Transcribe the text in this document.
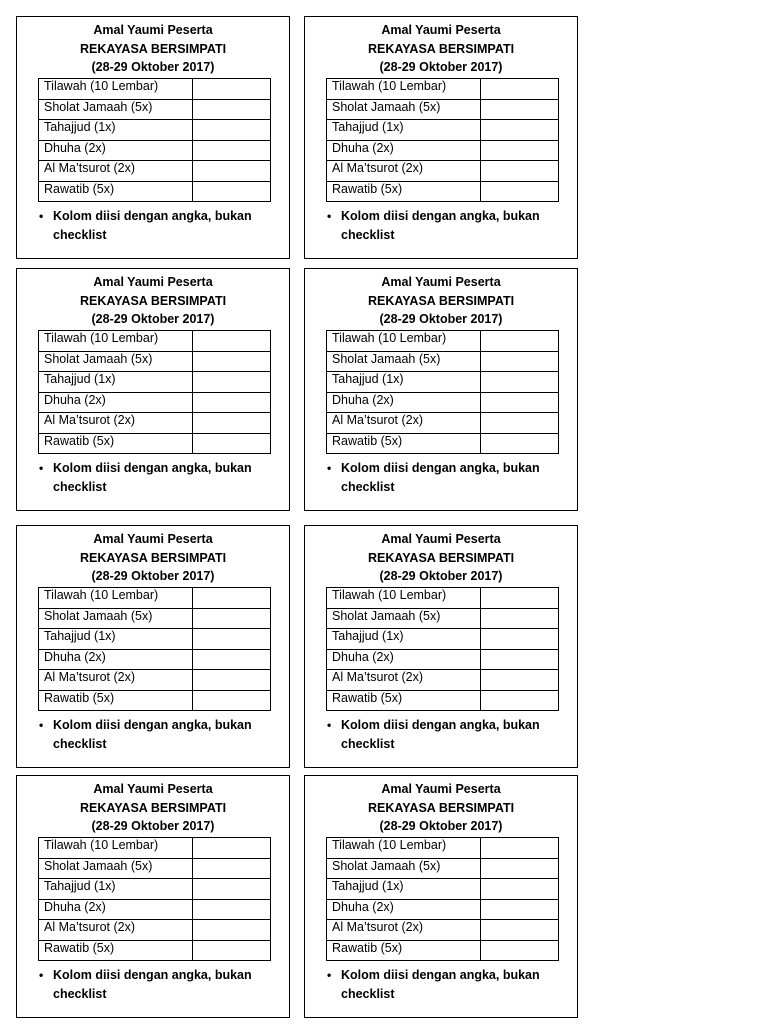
Amal Yaumi Peserta
REKAYASA BERSIMPATI
(28-29 Oktober 2017)
Tilawah (10 Lembar)	
Sholat Jamaah (5x)	
Tahajjud (1x)	
Dhuha (2x)	
Al Ma’tsurot (2x)	
Rawatib (5x)	
• Kolom diisi dengan angka, bukan
checklist
Amal Yaumi Peserta
REKAYASA BERSIMPATI
(28-29 Oktober 2017)
Tilawah (10 Lembar)	
Sholat Jamaah (5x)	
Tahajjud (1x)	
Dhuha (2x)	
Al Ma’tsurot (2x)	
Rawatib (5x)	
• Kolom diisi dengan angka, bukan
checklist
Amal Yaumi Peserta
REKAYASA BERSIMPATI
(28-29 Oktober 2017)
Tilawah (10 Lembar)	
Sholat Jamaah (5x)	
Tahajjud (1x)	
Dhuha (2x)	
Al Ma’tsurot (2x)	
Rawatib (5x)	
• Kolom diisi dengan angka, bukan
checklist
Amal Yaumi Peserta
REKAYASA BERSIMPATI
(28-29 Oktober 2017)
Tilawah (10 Lembar)	
Sholat Jamaah (5x)	
Tahajjud (1x)	
Dhuha (2x)	
Al Ma’tsurot (2x)	
Rawatib (5x)	
• Kolom diisi dengan angka, bukan
checklist
Amal Yaumi Peserta
REKAYASA BERSIMPATI
(28-29 Oktober 2017)
Tilawah (10 Lembar)	
Sholat Jamaah (5x)	
Tahajjud (1x)	
Dhuha (2x)	
Al Ma’tsurot (2x)	
Rawatib (5x)	
• Kolom diisi dengan angka, bukan
checklist
Amal Yaumi Peserta
REKAYASA BERSIMPATI
(28-29 Oktober 2017)
Tilawah (10 Lembar)	
Sholat Jamaah (5x)	
Tahajjud (1x)	
Dhuha (2x)	
Al Ma’tsurot (2x)	
Rawatib (5x)	
• Kolom diisi dengan angka, bukan
checklist
Amal Yaumi Peserta
REKAYASA BERSIMPATI
(28-29 Oktober 2017)
Tilawah (10 Lembar)	
Sholat Jamaah (5x)	
Tahajjud (1x)	
Dhuha (2x)	
Al Ma’tsurot (2x)	
Rawatib (5x)	
• Kolom diisi dengan angka, bukan
checklist
Amal Yaumi Peserta
REKAYASA BERSIMPATI
(28-29 Oktober 2017)
Tilawah (10 Lembar)	
Sholat Jamaah (5x)	
Tahajjud (1x)	
Dhuha (2x)	
Al Ma’tsurot (2x)	
Rawatib (5x)	
• Kolom diisi dengan angka, bukan
checklist
